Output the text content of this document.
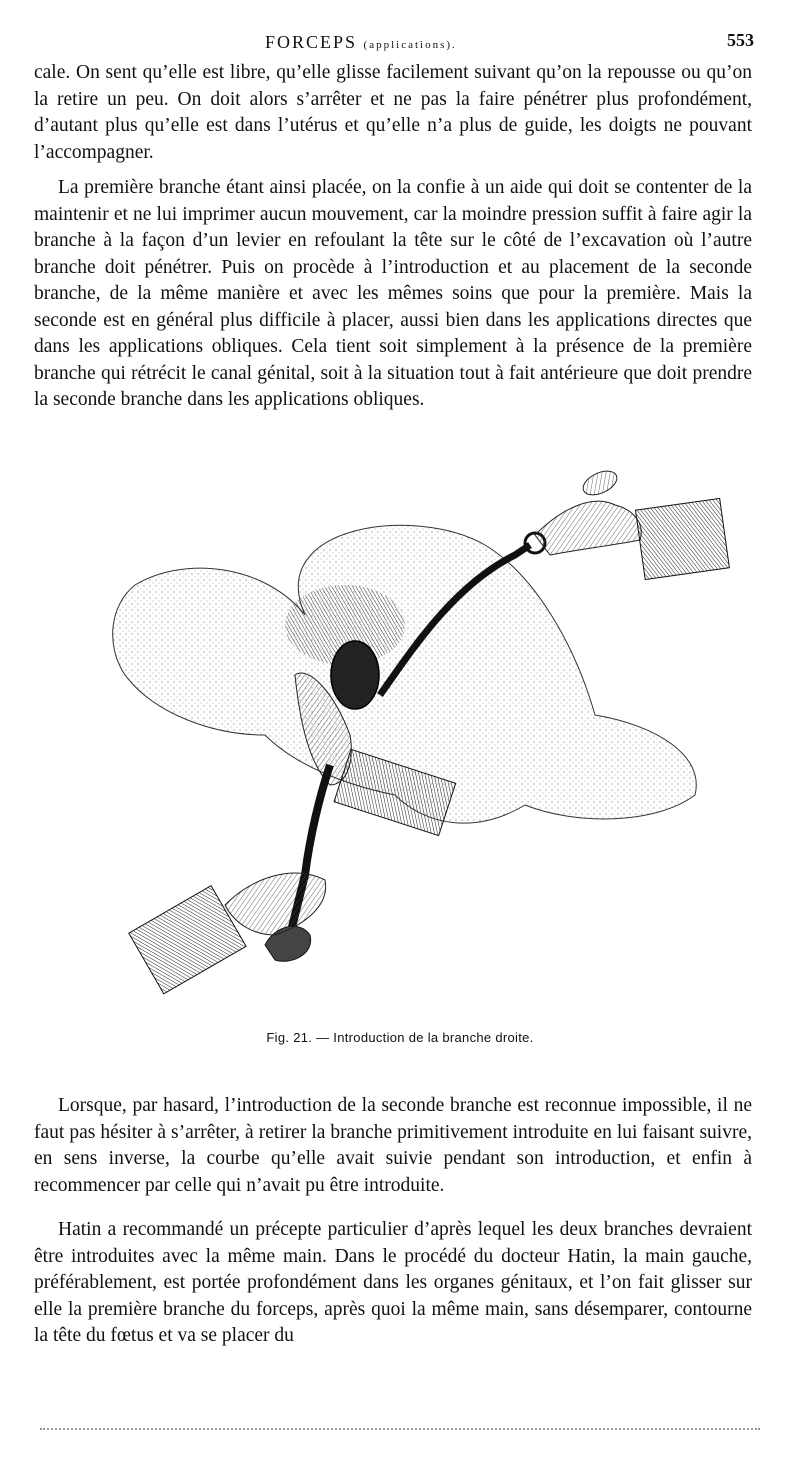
FORCEPS (applications).	553

cale. On sent qu’elle est libre, qu’elle glisse facilement suivant qu’on la repousse ou qu’on la retire un peu. On doit alors s’arrêter et ne pas la faire pénétrer plus profondément, d’autant plus qu’elle est dans l’utérus et qu’elle n’a plus de guide, les doigts ne pouvant l’accompagner.

La première branche étant ainsi placée, on la confie à un aide qui doit se contenter de la maintenir et ne lui imprimer aucun mouvement, car la moindre pression suffit à faire agir la branche à la façon d’un levier en refoulant la tête sur le côté de l’excavation où l’autre branche doit pénétrer. Puis on procède à l’introduction et au placement de la seconde branche, de la même manière et avec les mêmes soins que pour la première. Mais la seconde est en général plus difficile à placer, aussi bien dans les applications directes que dans les applications obliques. Cela tient soit simplement à la présence de la première branche qui rétrécit le canal génital, soit à la situation tout à fait antérieure que doit prendre la seconde branche dans les applications obliques.

Fig. 21. — Introduction de la branche droite.

Lorsque, par hasard, l’introduction de la seconde branche est reconnue impossible, il ne faut pas hésiter à s’arrêter, à retirer la branche primitivement introduite en lui faisant suivre, en sens inverse, la courbe qu’elle avait suivie pendant son introduction, et enfin à recommencer par celle qui n’avait pu être introduite.

Hatin a recommandé un précepte particulier d’après lequel les deux branches devraient être introduites avec la même main. Dans le procédé du docteur Hatin, la main gauche, préférablement, est portée profondément dans les organes génitaux, et l’on fait glisser sur elle la première branche du forceps, après quoi la même main, sans désemparer, contourne la tête du fœtus et va se placer du
